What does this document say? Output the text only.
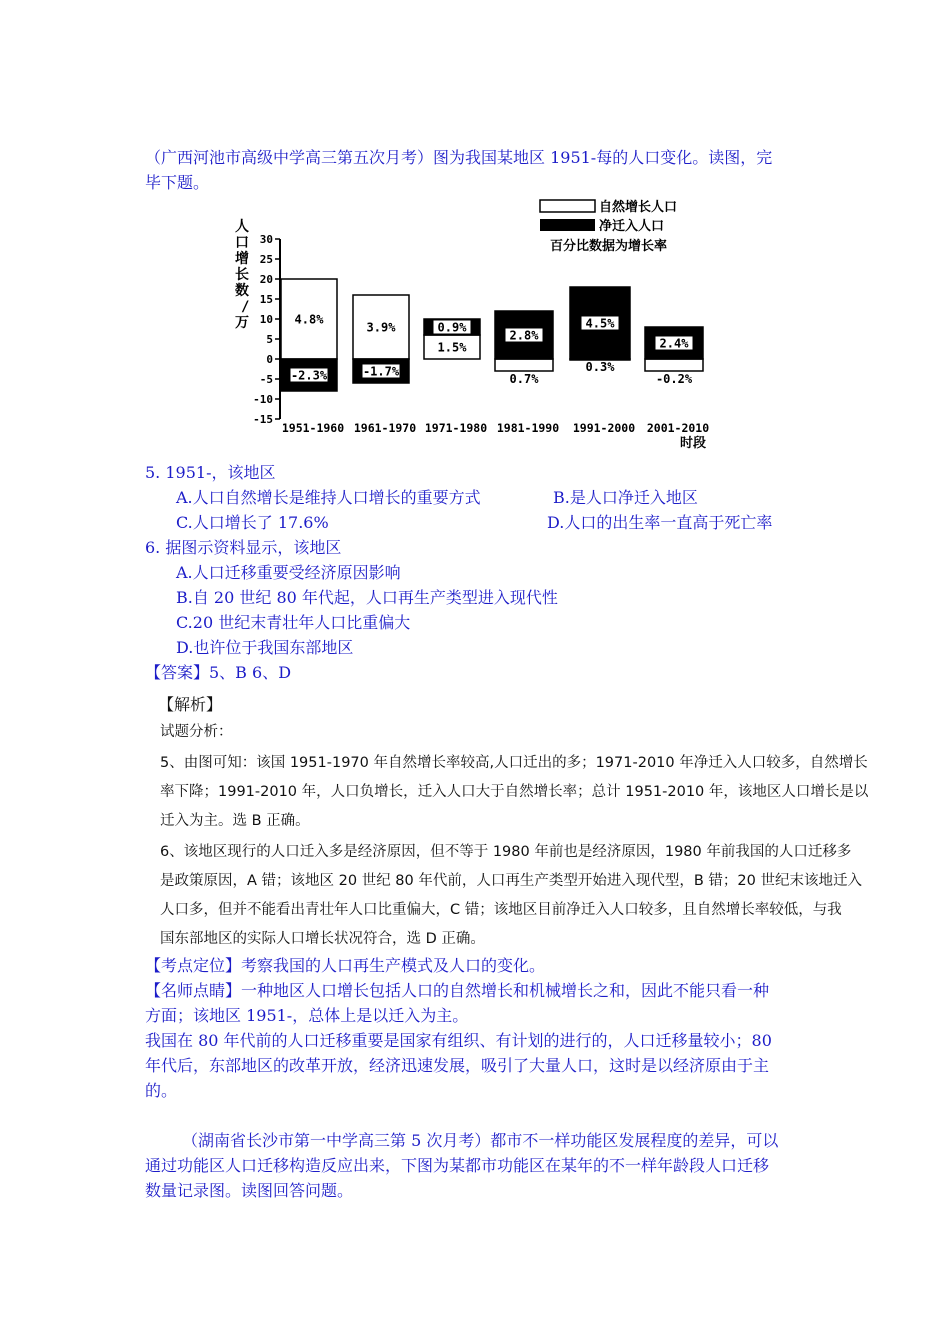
（广西河池市高级中学高三第五次月考）图为我国某地区 1951-每的人口变化。读图，完
毕下题。
自然增长人口
净迁入人口
百分比数据为增长率
人
口
增
长
数
/
万
30
25
20
15
10
5
0
-5
-10
-15
-2.3%
4.8%
-1.7%
3.9%	0.9%
1.5%
2.8%
0.7%
4.5%
0.3%
2.4%
-0.2%
1951-1960 1961-1970 1971-1980 1981-1990 1991-2000 2001-2010
时段
5. 1951-，该地区
A.人口自然增长是维持人口增长的重要方式	B.是人口净迁入地区
C.人口增长了 17.6%	D.人口的出生率一直高于死亡率
6. 据图示资料显示，该地区
A.人口迁移重要受经济原因影响
B.自 20 世纪 80 年代起，人口再生产类型进入现代性
C.20 世纪末青壮年人口比重偏大
D.也许位于我国东部地区
【答案】5、B 6、D
【解析】
试题分析：
5、由图可知：该国 1951-1970 年自然增长率较高,人口迁出的多；1971-2010 年净迁入人口较多，自然增长
率下降；1991-2010 年，人口负增长，迁入人口大于自然增长率；总计 1951-2010 年，该地区人口增长是以
迁入为主。选 B 正确。
6、该地区现行的人口迁入多是经济原因，但不等于 1980 年前也是经济原因，1980 年前我国的人口迁移多
是政策原因，A 错；该地区 20 世纪 80 年代前，人口再生产类型开始进入现代型，B 错；20 世纪末该地迁入
人口多，但并不能看出青壮年人口比重偏大，C 错；该地区目前净迁入人口较多，且自然增长率较低，与我
国东部地区的实际人口增长状况符合，选 D 正确。
【考点定位】考察我国的人口再生产模式及人口的变化。
【名师点睛】一种地区人口增长包括人口的自然增长和机械增长之和，因此不能只看一种
方面；该地区 1951-，总体上是以迁入为主。
我国在 80 年代前的人口迁移重要是国家有组织、有计划的进行的，人口迁移量较小；80
年代后，东部地区的改革开放，经济迅速发展，吸引了大量人口，这时是以经济原由于主
的。
（湖南省长沙市第一中学高三第 5 次月考）都市不一样功能区发展程度的差异，可以
通过功能区人口迁移构造反应出来，下图为某都市功能区在某年的不一样年龄段人口迁移
数量记录图。读图回答问题。
